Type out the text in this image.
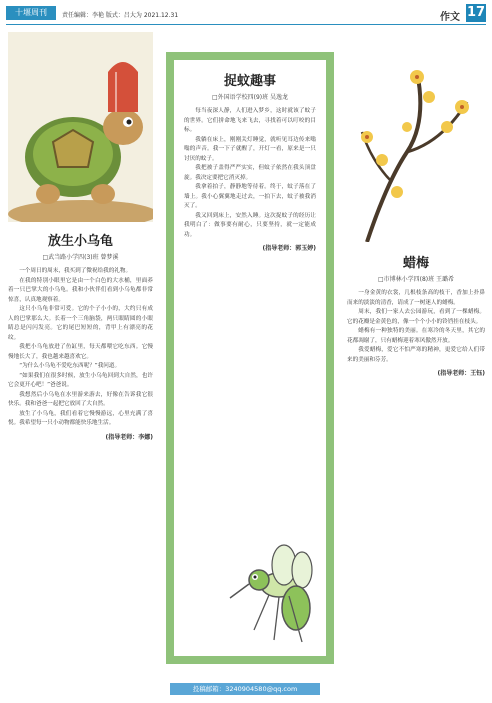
十堰周刊	责任编辑：李艳 版式：吕大为 2021.12.31	作文 17
放生小乌龟
□武当路小学四(3)班 曾梦溪

一个周日的周末，我买到了微祝给我的礼物。

在我的特别小眼里它是由一个白色的大水桶，里面养着一只巴掌大的小乌龟。我和小伙伴们看到小乌龟都非常惊喜，认真地观察着。

这只小乌龟非常可爱。它的个子小小的，大约只有成人的巴掌那么大。长着一个三角脑袋，两只眼睛圆的小眼睛总是闪闪发亮。它的尾巴短短的，背甲上有漂亮的花纹。

我把小乌龟放进了鱼缸里，每天都喂它吃东西。它慢慢地长大了，我也越来越喜欢它。

“为什么小乌龟不爱吃东西呢？”我问道。

“如果我们在很多时候，放生小乌龟回到大自然，也许它会更开心吧！”爸爸说。

我想然后小乌龟在水里游来游去，好像在告诉我它很快乐。我和爸爸一起把它放回了大自然。

放生了小乌龟，我们看着它慢慢游远，心里充满了喜悦。我希望每一只小动物都能快乐地生活。

(指导老师：李娜)
捉蚊趣事
□外国语学校四(9)班 吴逸龙

每当夜深人静，人们进入梦乡，这时就该了蚊子的世界。它们拼命地飞来飞去，寻找着可以叮咬的目标。

我躺在床上，刚刚关灯睡觉，就听见耳边传来嗡嗡的声音。我一下子就醒了，开灯一看，原来是一只讨厌的蚊子。

我把被子盖得严严实实，但蚊子依然在我头顶盘旋。我决定要把它消灭掉。

我拿着拍子，静静地等待着。终于，蚊子落在了墙上。我小心翼翼地走过去，一拍下去，蚊子被我消灭了。

我又回到床上，安然入睡。这次捉蚊子的经历让我明白了：做事要有耐心，只要坚持，就一定能成功。

(指导老师：郭玉婷)
蜡梅
□市博林小学四(8)班 王璐希

一身金黄的衣裳，几根枝条高的枝干，香加上扑鼻而来的淡淡的清香，请成了一树迷人的蜡梅。

周末，我们一家人去公园游玩，看到了一棵蜡梅。它的花瓣是金黄色的，像一个个小小的铃铛挂在枝头。

蜡梅有一种独特的美丽。在寒冷的冬天里，其它的花都凋谢了，只有蜡梅迎着寒风傲然开放。

我爱蜡梅，爱它不怕严寒的精神，更爱它给人们带来的美丽和芬芳。

(指导老师：王钰)
投稿邮箱：3240904580@qq.com
